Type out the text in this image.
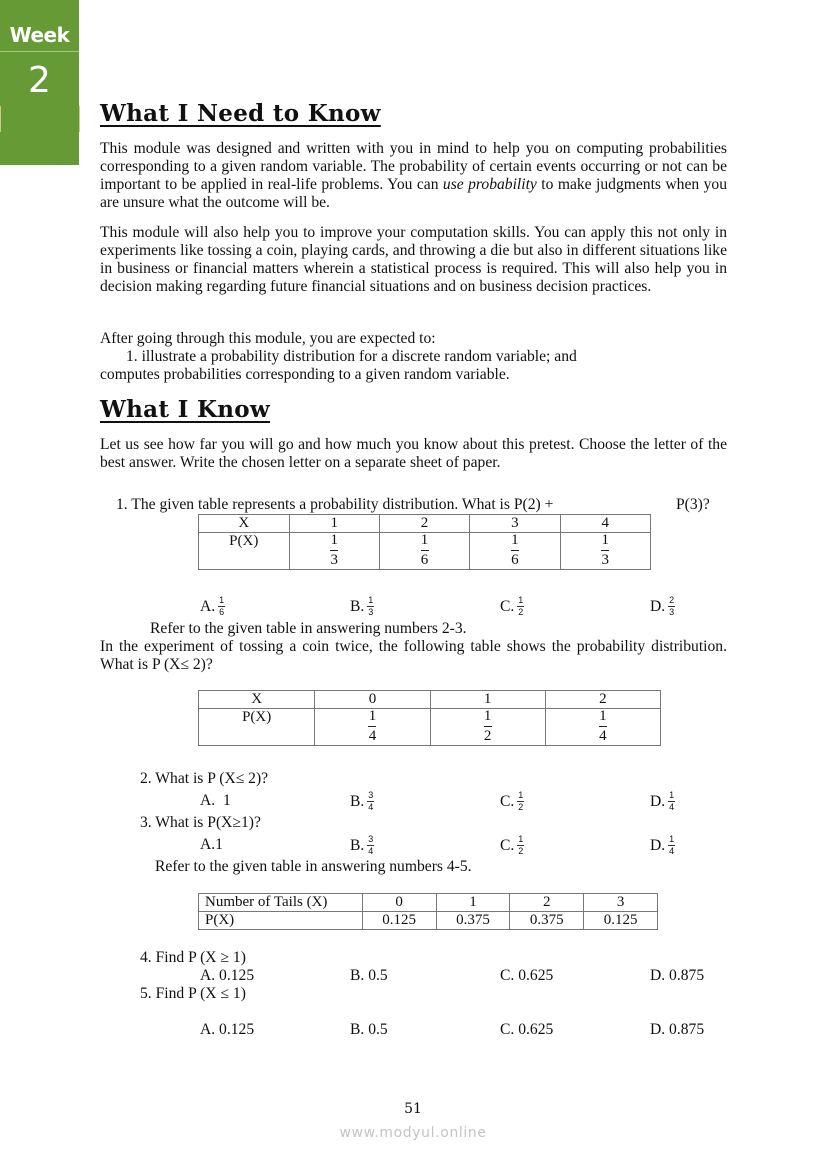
Week
2
What I Need to Know
This module was designed and written with you in mind to help you on computing probabilities corresponding to a given random variable. The probability of certain events occurring or not can be important to be applied in real-life problems. You can use probability to make judgments when you are unsure what the outcome will be.
This module will also help you to improve your computation skills. You can apply this not only in experiments like tossing a coin, playing cards, and throwing a die but also in different situations like in business or financial matters wherein a statistical process is required. This will also help you in decision making regarding future financial situations and on business decision practices.
After going through this module, you are expected to:
1. illustrate a probability distribution for a discrete random variable; and
computes probabilities corresponding to a given random variable.
What I Know
Let us see how far you will go and how much you know about this pretest. Choose the letter of the best answer. Write the chosen letter on a separate sheet of paper.
1. The given table represents a probability distribution. What is P(2) +	P(3)?
X	1	2	3	4
P(X)	$\frac{1}{3}$	$\frac{1}{6}$	$\frac{1}{6}$	$\frac{1}{3}$
A. $\frac{1}{6}$	B. $\frac{1}{3}$	C. $\frac{1}{2}$	D. $\frac{2}{3}$
Refer to the given table in answering numbers 2-3.
In the experiment of tossing a coin twice, the following table shows the probability distribution. What is P (X≤ 2)?
X	0	1	2
P(X)	$\frac{1}{4}$	$\frac{1}{2}$	$\frac{1}{4}$
2. What is P (X≤ 2)?
A. 1	B. $\frac{3}{4}$	C. $\frac{1}{2}$	D. $\frac{1}{4}$
3. What is P(X≥1)?
A.1	B. $\frac{3}{4}$	C. $\frac{1}{2}$	D. $\frac{1}{4}$
Refer to the given table in answering numbers 4-5.
Number of Tails (X)	0	1	2	3
P(X)	0.125	0.375	0.375	0.125
4. Find P (X ≥ 1)
A. 0.125	B. 0.5	C. 0.625	D. 0.875
5. Find P (X ≤ 1)
A. 0.125	B. 0.5	C. 0.625	D. 0.875
51
www.modyul.online
